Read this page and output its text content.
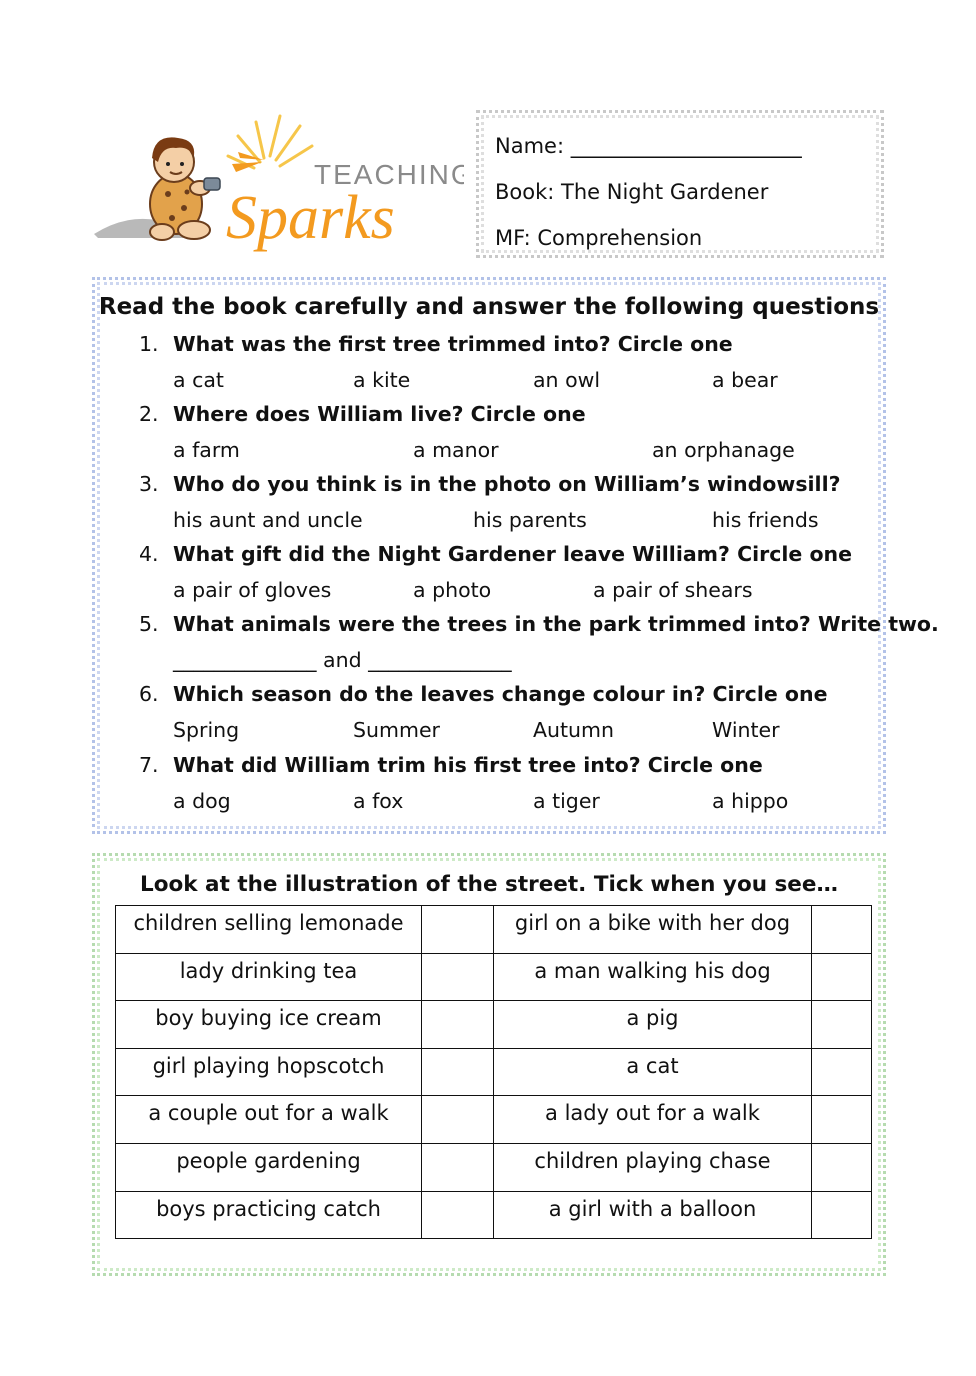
TEACHING
Sparks
Name: ______________________
Book: The Night Gardener
MF: Comprehension
Read the book carefully and answer the following questions
1. What was the first tree trimmed into? Circle one
a cat	a kite	an owl	a bear
2. Where does William live? Circle one
a farm	a manor	an orphanage
3. Who do you think is in the photo on William’s windowsill?
his aunt and uncle	his parents	his friends
4. What gift did the Night Gardener leave William? Circle one
a pair of gloves	a photo	a pair of shears
5. What animals were the trees in the park trimmed into? Write two.
______________ and ______________
6. Which season do the leaves change colour in? Circle one
Spring	Summer	Autumn	Winter
7. What did William trim his first tree into? Circle one
a dog	a fox	a tiger	a hippo
Look at the illustration of the street. Tick when you see…
children selling lemonade		girl on a bike with her dog	
lady drinking tea		a man walking his dog	
boy buying ice cream		a pig	
girl playing hopscotch		a cat	
a couple out for a walk		a lady out for a walk	
people gardening		children playing chase	
boys practicing catch		a girl with a balloon	
